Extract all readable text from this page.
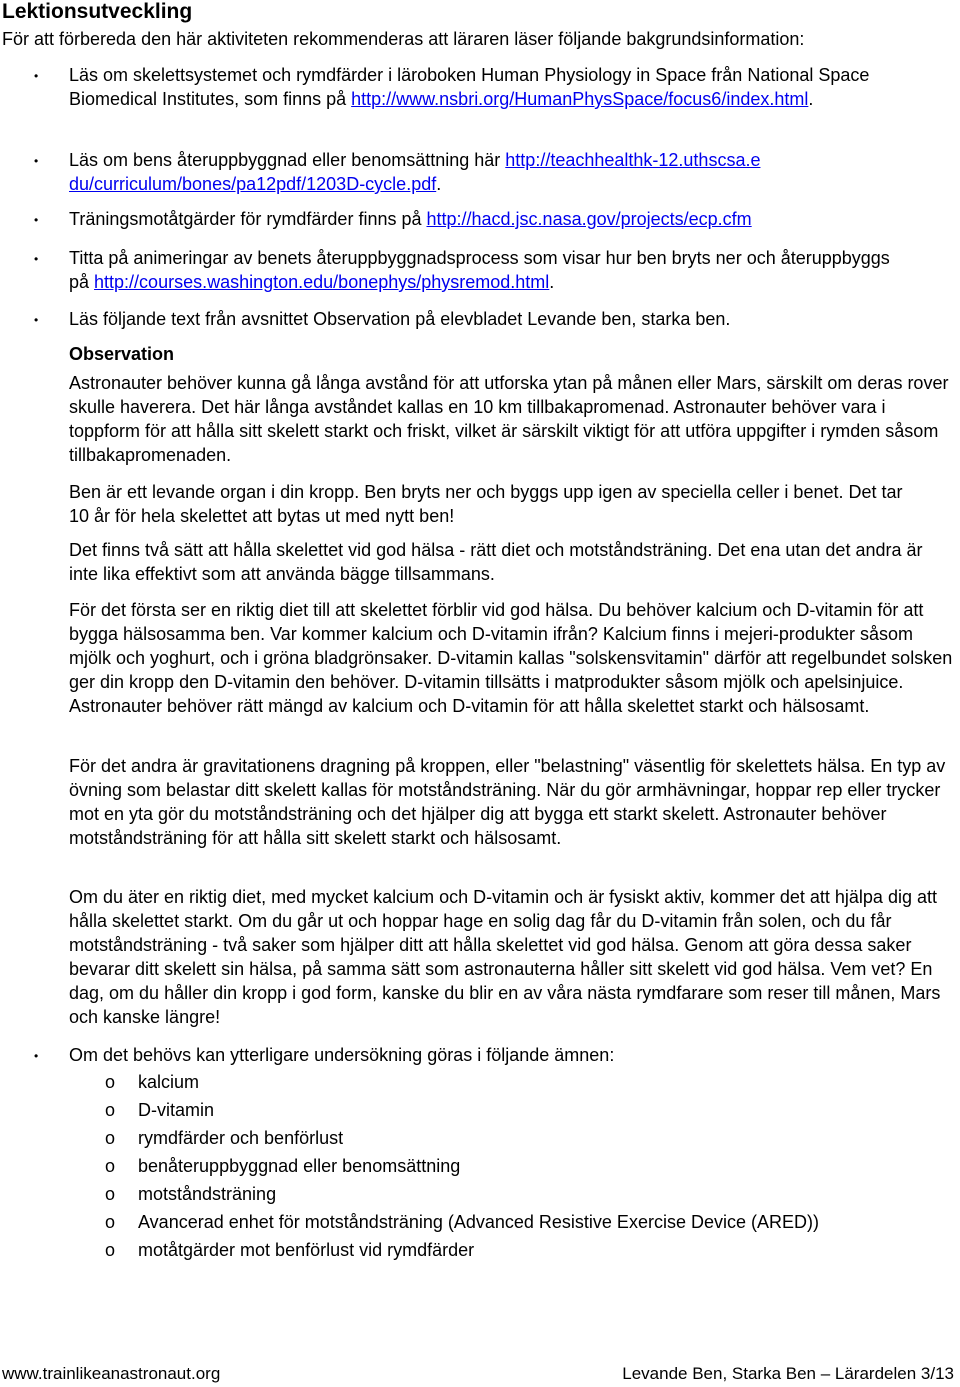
Lektionsutveckling
För att förbereda den här aktiviteten rekommenderas att läraren läser följande bakgrundsinformation:
• Läs om skelettsystemet och rymdfärder i läroboken Human Physiology in Space från National Space Biomedical Institutes, som finns på http://www.nsbri.org/HumanPhysSpace/focus6/index.html.
• Läs om bens återuppbyggnad eller benomsättning här http://teachhealthk-12.uthscsa.edu/curriculum/bones/pa12pdf/1203D-cycle.pdf.
• Träningsmotåtgärder för rymdfärder finns på http://hacd.jsc.nasa.gov/projects/ecp.cfm
• Titta på animeringar av benets återuppbyggnadsprocess som visar hur ben bryts ner och återuppbyggs på http://courses.washington.edu/bonephys/physremod.html.
• Läs följande text från avsnittet Observation på elevbladet Levande ben, starka ben.
Observation

Astronauter behöver kunna gå långa avstånd för att utforska ytan på månen eller Mars, särskilt om deras rover skulle haverera. Det här långa avståndet kallas en 10 km tillbakapromenad. Astronauter behöver vara i toppform för att hålla sitt skelett starkt och friskt, vilket är särskilt viktigt för att utföra uppgifter i rymden såsom tillbakapromenaden.

Ben är ett levande organ i din kropp. Ben bryts ner och byggs upp igen av speciella celler i benet. Det tar 10 år för hela skelettet att bytas ut med nytt ben!

Det finns två sätt att hålla skelettet vid god hälsa - rätt diet och motståndsträning. Det ena utan det andra är inte lika effektivt som att använda bägge tillsammans.

För det första ser en riktig diet till att skelettet förblir vid god hälsa. Du behöver kalcium och D-vitamin för att bygga hälsosamma ben. Var kommer kalcium och D-vitamin ifrån? Kalcium finns i mejeri-produkter såsom mjölk och yoghurt, och i gröna bladgrönsaker. D-vitamin kallas "solskensvitamin" därför att regelbundet solsken ger din kropp den D-vitamin den behöver. D-vitamin tillsätts i matprodukter såsom mjölk och apelsinjuice. Astronauter behöver rätt mängd av kalcium och D-vitamin för att hålla skelettet starkt och hälsosamt.

För det andra är gravitationens dragning på kroppen, eller "belastning" väsentlig för skelettets hälsa. En typ av övning som belastar ditt skelett kallas för motståndsträning. När du gör armhävningar, hoppar rep eller trycker mot en yta gör du motståndsträning och det hjälper dig att bygga ett starkt skelett. Astronauter behöver motståndsträning för att hålla sitt skelett starkt och hälsosamt.

Om du äter en riktig diet, med mycket kalcium och D-vitamin och är fysiskt aktiv, kommer det att hjälpa dig att hålla skelettet starkt. Om du går ut och hoppar hage en solig dag får du D-vitamin från solen, och du får motståndsträning - två saker som hjälper ditt att hålla skelettet vid god hälsa. Genom att göra dessa saker bevarar ditt skelett sin hälsa, på samma sätt som astronauterna håller sitt skelett vid god hälsa. Vem vet? En dag, om du håller din kropp i god form, kanske du blir en av våra nästa rymdfarare som reser till månen, Mars och kanske längre!

• Om det behövs kan ytterligare undersökning göras i följande ämnen:
o kalcium
o D-vitamin
o rymdfärder och benförlust
o benåteruppbyggnad eller benomsättning
o motståndsträning
o Avancerad enhet för motståndsträning (Advanced Resistive Exercise Device (ARED))
o motåtgärder mot benförlust vid rymdfärder
www.trainlikeanastronaut.org	Levande Ben, Starka Ben – Lärardelen 3/13
